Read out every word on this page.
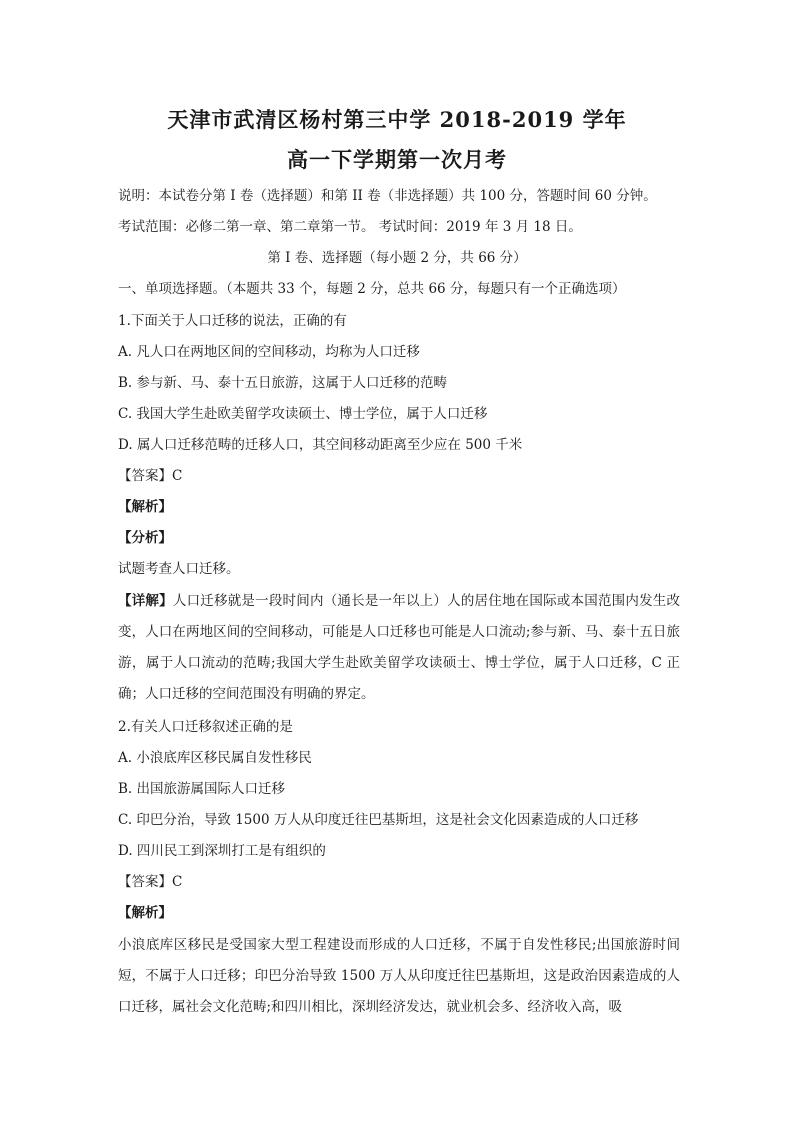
天津市武清区杨村第三中学 2018-2019 学年
高一下学期第一次月考
说明：本试卷分第 I 卷（选择题）和第 II 卷（非选择题）共 100 分，答题时间 60 分钟。
考试范围：必修二第一章、第二章第一节。 考试时间：2019 年 3 月 18 日。
第 I 卷、选择题（每小题 2 分，共 66 分）
一、单项选择题。（本题共 33 个，每题 2 分，总共 66 分，每题只有一个正确选项）
1.下面关于人口迁移的说法，正确的有
A. 凡人口在两地区间的空间移动，均称为人口迁移
B. 参与新、马、泰十五日旅游，这属于人口迁移的范畴
C. 我国大学生赴欧美留学攻读硕士、博士学位，属于人口迁移
D. 属人口迁移范畴的迁移人口，其空间移动距离至少应在 500 千米
【答案】C
【解析】
【分析】
试题考查人口迁移。
【详解】人口迁移就是一段时间内（通长是一年以上）人的居住地在国际或本国范围内发生改变，人口在两地区间的空间移动，可能是人口迁移也可能是人口流动;参与新、马、泰十五日旅游，属于人口流动的范畴;我国大学生赴欧美留学攻读硕士、博士学位，属于人口迁移，C 正确；人口迁移的空间范围没有明确的界定。
2.有关人口迁移叙述正确的是
A. 小浪底库区移民属自发性移民
B. 出国旅游属国际人口迁移
C. 印巴分治，导致 1500 万人从印度迁往巴基斯坦，这是社会文化因素造成的人口迁移
D. 四川民工到深圳打工是有组织的
【答案】C
【解析】
小浪底库区移民是受国家大型工程建设而形成的人口迁移，不属于自发性移民;出国旅游时间短，不属于人口迁移；印巴分治导致 1500 万人从印度迁往巴基斯坦，这是政治因素造成的人口迁移，属社会文化范畴;和四川相比，深圳经济发达，就业机会多、经济收入高，吸
